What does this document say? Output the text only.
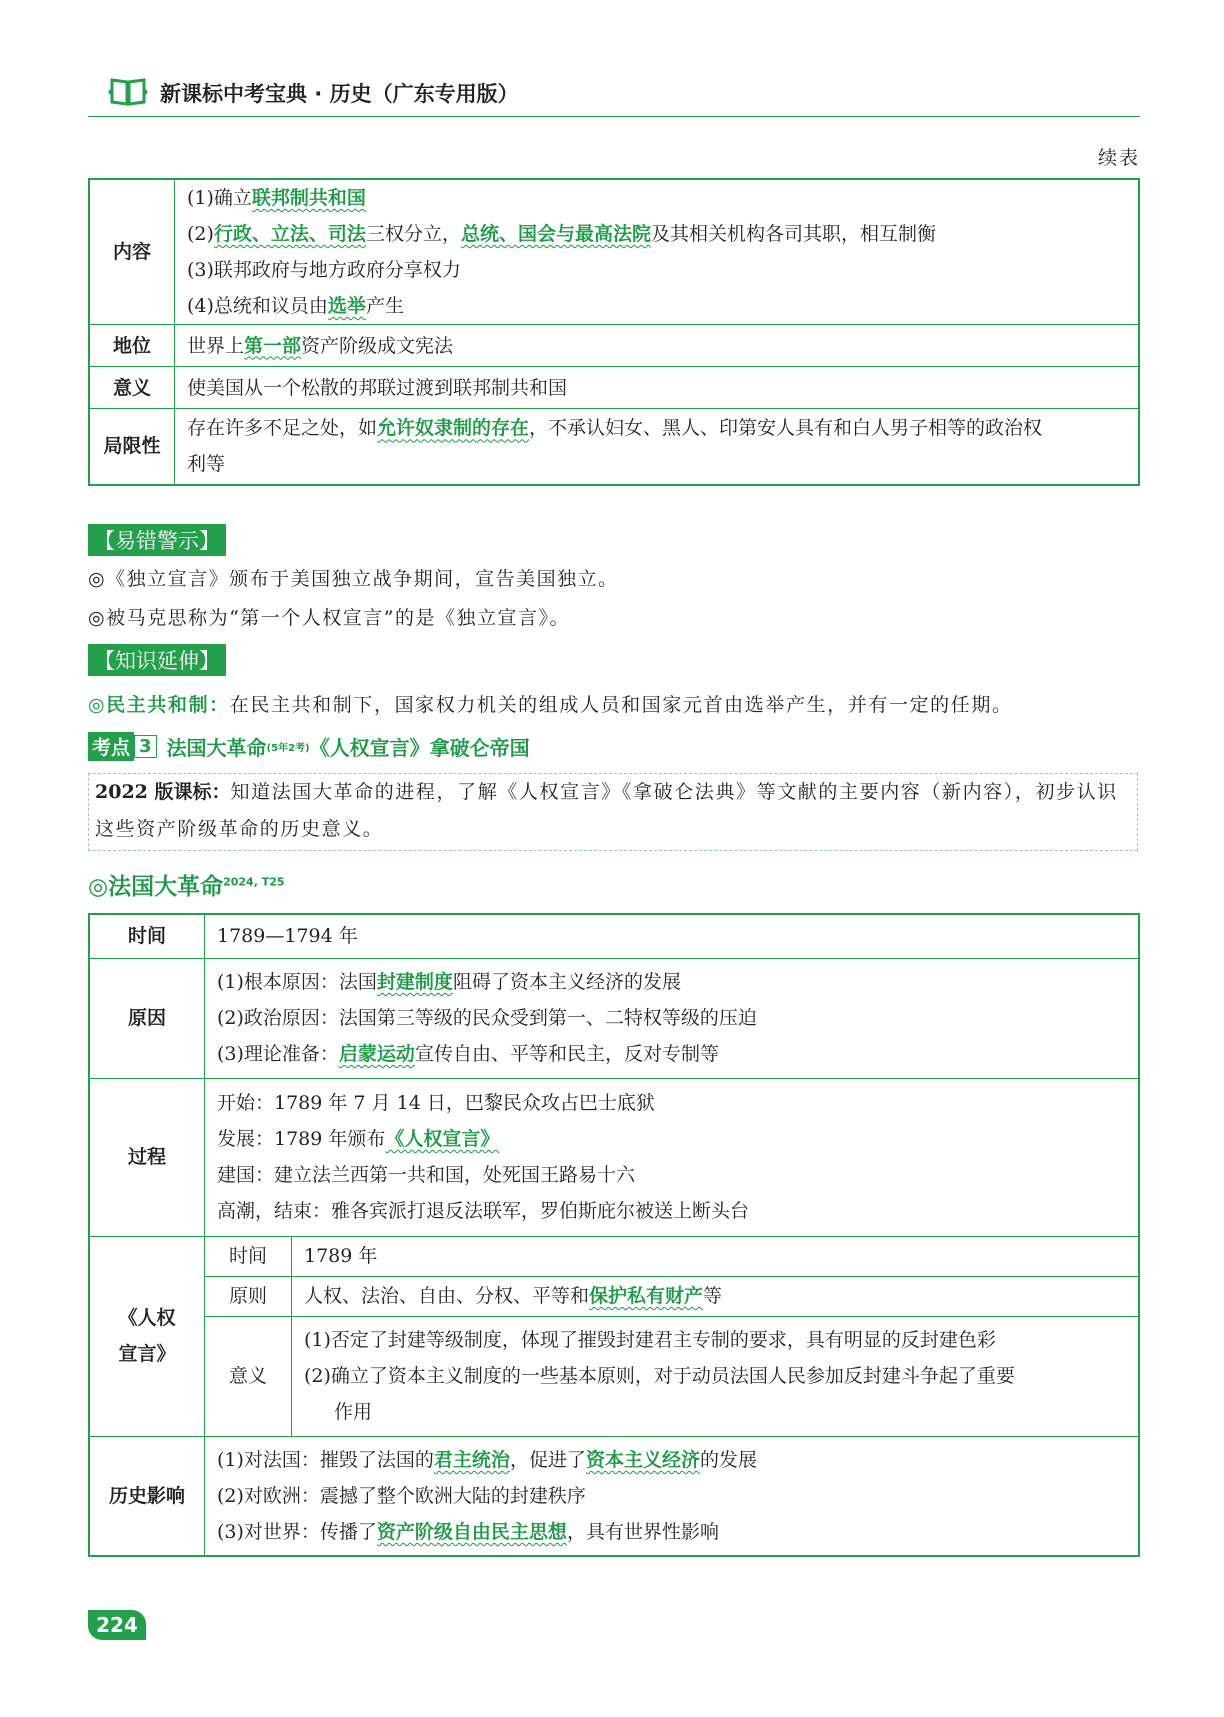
新课标中考宝典 · 历史（广东专用版）
续表
内容	(1)确立联邦制共和国
(2)行政、立法、司法三权分立，总统、国会与最高法院及其相关机构各司其职，相互制衡
(3)联邦政府与地方政府分享权力
(4)总统和议员由选举产生

地位	世界上第一部资产阶级成文宪法

意义	使美国从一个松散的邦联过渡到联邦制共和国

局限性	存在许多不足之处，如允许奴隶制的存在，不承认妇女、黑人、印第安人具有和白人男子相等的政治权
利等
【易错警示】
◎《独立宣言》颁布于美国独立战争期间，宣告美国独立。
◎被马克思称为“第一个人权宣言”的是《独立宣言》。
【知识延伸】
◎民主共和制：在民主共和制下，国家权力机关的组成人员和国家元首由选举产生，并有一定的任期。
考点 3 法国大革命 (5年2考) 《人权宣言》拿破仑帝国
2022 版课标：知道法国大革命的进程，了解《人权宣言》《拿破仑法典》等文献的主要内容（新内容），初步认识这些资产阶级革命的历史意义。
◎法国大革命$^{2024, T25}$
时间	1789—1794 年	
原因	(1)根本原因：法国封建制度阻碍了资本主义经济的发展
(2)政治原因：法国第三等级的民众受到第一、二特权等级的压迫
(3)理论准备：启蒙运动宣传自由、平等和民主，反对专制等	

过程	开始：1789 年 7 月 14 日，巴黎民众攻占巴士底狱
发展：1789 年颁布《人权宣言》
建国：建立法兰西第一共和国，处死国王路易十六
高潮，结束：雅各宾派打退反法联军，罗伯斯庇尔被送上断头台	

《人权宣言》	时间	1789 年
	原则	人权、法治、自由、分权、平等和保护私有财产等

	意义	(1)否定了封建等级制度，体现了摧毁封建君主专制的要求，具有明显的反封建色彩
(2)确立了资本主义制度的一些基本原则，对于动员法国人民参加反封建斗争起了重要
作用

历史影响	(1)对法国：摧毁了法国的君主统治，促进了资本主义经济的发展
(2)对欧洲：震撼了整个欧洲大陆的封建秩序
(3)对世界：传播了资产阶级自由民主思想，具有世界性影响	
224
